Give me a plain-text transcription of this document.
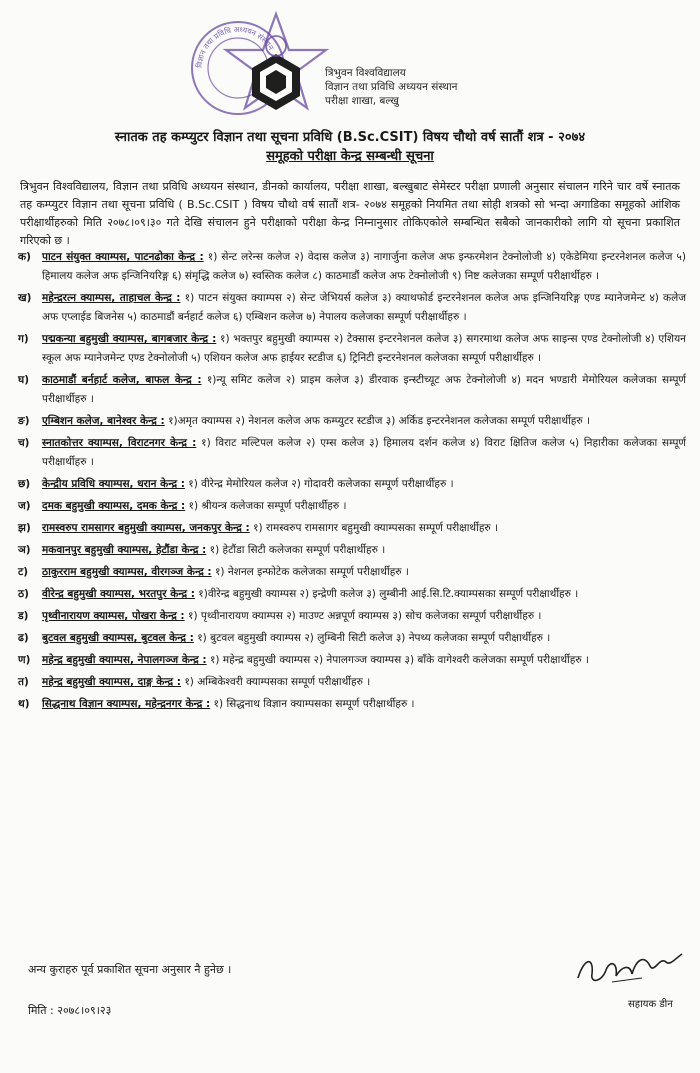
विज्ञान तथा प्रविधि अध्ययन संस्थान
त्रिभुवन विश्वविद्यालय
विज्ञान तथा प्रविधि अध्ययन संस्थान
परीक्षा शाखा, बल्खु
स्नातक तह कम्प्युटर विज्ञान तथा सूचना प्रविधि (B.Sc.CSIT) विषय चौथो वर्ष सातौं शत्र - २०७४
समूहको परीक्षा केन्द्र सम्बन्धी सूचना
त्रिभुवन विश्वविद्यालय, विज्ञान तथा प्रविधि अध्ययन संस्थान, डीनको कार्यालय, परीक्षा शाखा, बल्खुबाट सेमेस्टर परीक्षा प्रणाली अनुसार संचालन गरिने चार वर्षे स्नातक तह कम्प्युटर विज्ञान तथा सूचना प्रविधि ( B.Sc.CSIT ) विषय चौथो वर्ष सातौं शत्र- २०७४ समूहको नियमित तथा सोही शत्रको सो भन्दा अगाडिका समूहको आंशिक परीक्षार्थीहरुको मिति २०७८।०९।३० गते देखि संचालन हुने परीक्षाको परीक्षा केन्द्र निम्नानुसार तोकिएकोले सम्बन्धित सबैको जानकारीको लागि यो सूचना प्रकाशित गरिएको छ ।
क) पाटन संयुक्त क्याम्पस, पाटनढोका केन्द्र : १) सेन्ट लरेन्स कलेज २) वेदास कलेज ३) नागार्जुना कलेज अफ इन्फरमेशन टेक्नोलोजी ४) एकेडेमिया इन्टरनेशनल कलेज ५) हिमालय कलेज अफ इन्जिनियरिङ्ग ६) संमृद्धि कलेज ७) स्वस्तिक कलेज ८) काठमाडौं कलेज अफ टेक्नोलोजी ९) निष्ट कलेजका सम्पूर्ण परीक्षार्थीहरु ।
ख) महेन्द्ररत्न क्याम्पस, ताहाचल केन्द्र : १) पाटन संयुक्त क्याम्पस २) सेन्ट जेभियर्स कलेज ३) क्याथफोर्ड इन्टरनेशनल कलेज अफ इन्जिनियरिङ्ग एण्ड म्यानेजमेन्ट ४) कलेज अफ एप्लाईड बिजनेस ५) काठमाडौं बर्नहार्ट कलेज ६) एम्बिशन कलेज ७) नेपालय कलेजका सम्पूर्ण परीक्षार्थीहरु ।
ग) पद्मकन्या बहुमुखी क्याम्पस, बागबजार केन्द्र : १) भक्तपुर बहुमुखी क्याम्पस २) टेक्सास इन्टरनेशनल कलेज ३) सगरमाथा कलेज अफ साइन्स एण्ड टेक्नोलोजी ४) एशियन स्कूल अफ म्यानेजमेन्ट एण्ड टेक्नोलोजी ५) एशियन कलेज अफ हाईयर स्टडीज ६) ट्रिनिटी इन्टरनेशनल कलेजका सम्पूर्ण परीक्षार्थीहरु ।
घ) काठमाडौं बर्नहार्ट कलेज, बाफल केन्द्र : १)न्यू समिट कलेज २) प्राइम कलेज ३) डीरवाक इन्स्टीच्यूट अफ टेक्नोलोजी ४) मदन भण्डारी मेमोरियल कलेजका सम्पूर्ण परीक्षार्थीहरु ।
ङ) एम्बिशन कलेज, बानेश्वर केन्द्र : १)अमृत क्याम्पस २) नेशनल कलेज अफ कम्प्युटर स्टडीज ३) अर्किड इन्टरनेशनल कलेजका सम्पूर्ण परीक्षार्थीहरु ।
च) स्नातकोत्तर क्याम्पस, विराटनगर केन्द्र : १) विराट मल्टिपल कलेज २) एम्स कलेज ३) हिमालय दर्शन कलेज ४) विराट क्षितिज कलेज ५) निहारीका कलेजका सम्पूर्ण परीक्षार्थीहरु ।
छ) केन्द्रीय प्रविधि क्याम्पस, धरान केन्द्र : १) वीरेन्द्र मेमोरियल कलेज २) गोदावरी कलेजका सम्पूर्ण परीक्षार्थीहरु ।
ज) दमक बहुमुखी क्याम्पस, दमक केन्द्र : १) श्रीयन्त्र कलेजका सम्पूर्ण परीक्षार्थीहरु ।
झ) रामस्वरुप रामसागर बहुमुखी क्याम्पस, जनकपुर केन्द्र : १) रामस्वरुप रामसागर बहुमुखी क्याम्पसका सम्पूर्ण परीक्षार्थीहरु ।
ञ) मकवानपुर बहुमुखी क्याम्पस, हेटौंडा केन्द्र : १) हेटौंडा सिटी कलेजका सम्पूर्ण परीक्षार्थीहरु ।
ट) ठाकुरराम बहुमुखी क्याम्पस, वीरगञ्ज केन्द्र : १) नेशनल इन्फोटेक कलेजका सम्पूर्ण परीक्षार्थीहरु ।
ठ) वीरेन्द्र बहुमुखी क्याम्पस, भरतपुर केन्द्र : १)वीरेन्द्र बहुमुखी क्याम्पस २) इन्द्रेणी कलेज ३) लुम्बीनी आई.सि.टि.क्याम्पसका सम्पूर्ण परीक्षार्थीहरु ।
ड) पृथ्वीनारायण क्याम्पस, पोखरा केन्द्र : १) पृथ्वीनारायण क्याम्पस २) माउण्ट अन्नपूर्ण क्याम्पस ३) सोच कलेजका सम्पूर्ण परीक्षार्थीहरु ।
ढ) बुटवल बहुमुखी क्याम्पस, बुटवल केन्द्र : १) बुटवल बहुमुखी क्याम्पस २) लुम्बिनी सिटी कलेज ३) नेपथ्य कलेजका सम्पूर्ण परीक्षार्थीहरु ।
ण) महेन्द्र बहुमुखी क्याम्पस, नेपालगञ्ज केन्द्र : १) महेन्द्र बहुमुखी क्याम्पस २) नेपालगञ्ज क्याम्पस ३) बाँके वागेश्वरी कलेजका सम्पूर्ण परीक्षार्थीहरु ।
त) महेन्द्र बहुमुखी क्याम्पस, दाङ्ग केन्द्र : १) अम्बिकेश्वरी क्याम्पसका सम्पूर्ण परीक्षार्थीहरु ।
थ) सिद्धनाथ विज्ञान क्याम्पस, महेन्द्रनगर केन्द्र : १) सिद्धनाथ विज्ञान क्याम्पसका सम्पूर्ण परीक्षार्थीहरु ।
अन्य कुराहरु पूर्व प्रकाशित सूचना अनुसार नै हुनेछ ।
सहायक डीन
मिति : २०७८।०९।२३
